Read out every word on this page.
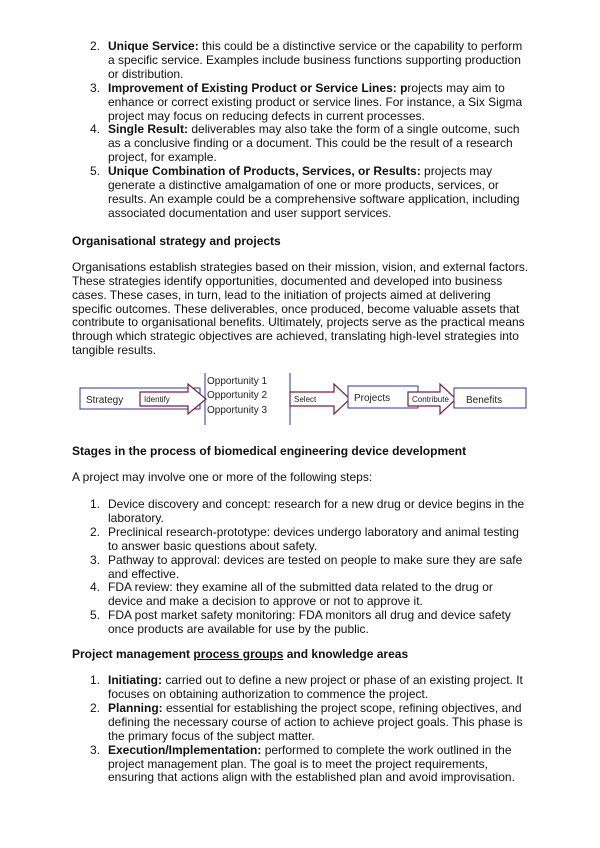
2. Unique Service: this could be a distinctive service or the capability to perform a specific service. Examples include business functions supporting production or distribution.
3. Improvement of Existing Product or Service Lines: projects may aim to enhance or correct existing product or service lines. For instance, a Six Sigma project may focus on reducing defects in current processes.
4. Single Result: deliverables may also take the form of a single outcome, such as a conclusive finding or a document. This could be the result of a research project, for example.
5. Unique Combination of Products, Services, or Results: projects may generate a distinctive amalgamation of one or more products, services, or results. An example could be a comprehensive software application, including associated documentation and user support services.
Organisational strategy and projects

Organisations establish strategies based on their mission, vision, and external factors. These strategies identify opportunities, documented and developed into business cases. These cases, in turn, lead to the initiation of projects aimed at delivering specific outcomes. These deliverables, once produced, become valuable assets that contribute to organisational benefits. Ultimately, projects serve as the practical means through which strategic objectives are achieved, translating high-level strategies into tangible results.

Strategy	Identify
Opportunity 1
Opportunity 2
Opportunity 3
Select	Projects	Contribute Benefits
Stages in the process of biomedical engineering device development

A project may involve one or more of the following steps:

1. Device discovery and concept: research for a new drug or device begins in the laboratory.
2. Preclinical research-prototype: devices undergo laboratory and animal testing to answer basic questions about safety.
3. Pathway to approval: devices are tested on people to make sure they are safe and effective.
4. FDA review: they examine all of the submitted data related to the drug or device and make a decision to approve or not to approve it.
5. FDA post market safety monitoring: FDA monitors all drug and device safety once products are available for use by the public.
Project management process groups and knowledge areas
1. Initiating: carried out to define a new project or phase of an existing project. It focuses on obtaining authorization to commence the project.
2. Planning: essential for establishing the project scope, refining objectives, and defining the necessary course of action to achieve project goals. This phase is the primary focus of the subject matter.
3. Execution/Implementation: performed to complete the work outlined in the project management plan. The goal is to meet the project requirements, ensuring that actions align with the established plan and avoid improvisation.
